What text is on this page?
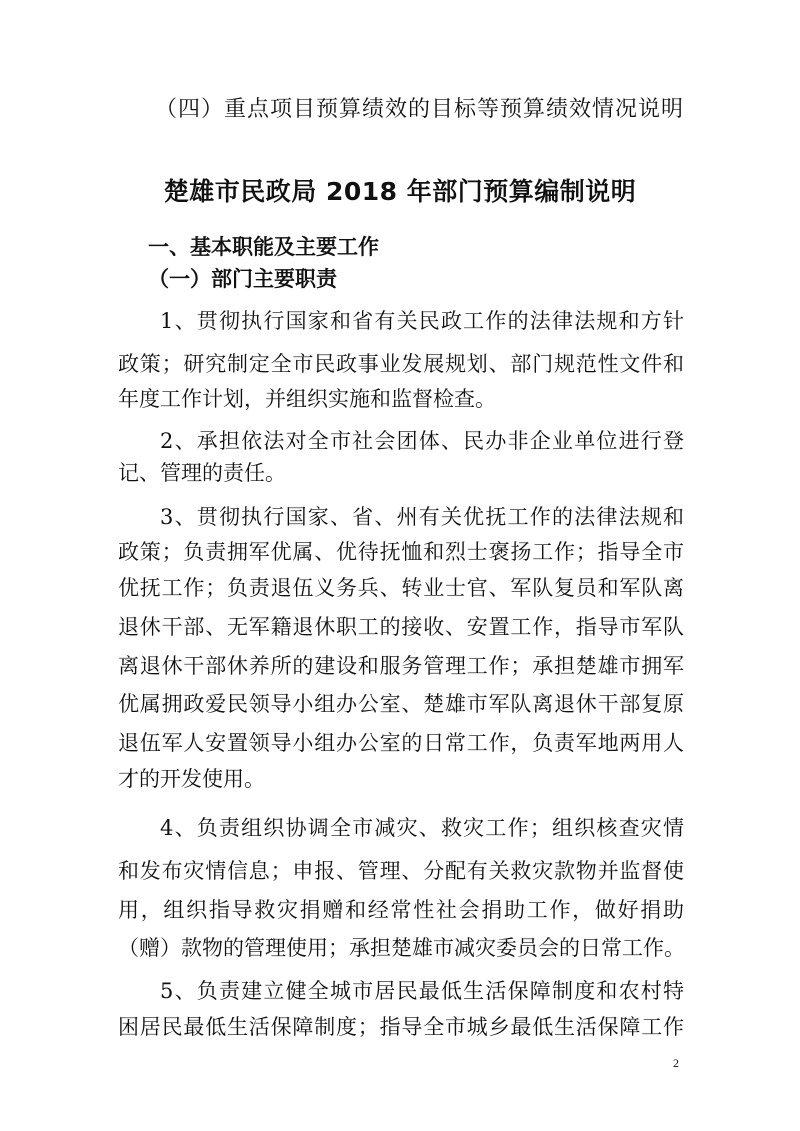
（四）重点项目预算绩效的目标等预算绩效情况说明
楚雄市民政局 2018 年部门预算编制说明
一、基本职能及主要工作
（一）部门主要职责
1、贯彻执行国家和省有关民政工作的法律法规和方针
政策；研究制定全市民政事业发展规划、部门规范性文件和
年度工作计划，并组织实施和监督检查。
2、承担依法对全市社会团体、民办非企业单位进行登
记、管理的责任。
3、贯彻执行国家、省、州有关优抚工作的法律法规和
政策；负责拥军优属、优待抚恤和烈士褒扬工作；指导全市
优抚工作；负责退伍义务兵、转业士官、军队复员和军队离
退休干部、无军籍退休职工的接收、安置工作，指导市军队
离退休干部休养所的建设和服务管理工作；承担楚雄市拥军
优属拥政爱民领导小组办公室、楚雄市军队离退休干部复原
退伍军人安置领导小组办公室的日常工作，负责军地两用人
才的开发使用。
4、负责组织协调全市减灾、救灾工作；组织核查灾情
和发布灾情信息；申报、管理、分配有关救灾款物并监督使
用，组织指导救灾捐赠和经常性社会捐助工作，做好捐助
（赠）款物的管理使用；承担楚雄市减灾委员会的日常工作。
5、负责建立健全城市居民最低生活保障制度和农村特
困居民最低生活保障制度；指导全市城乡最低生活保障工作
2
